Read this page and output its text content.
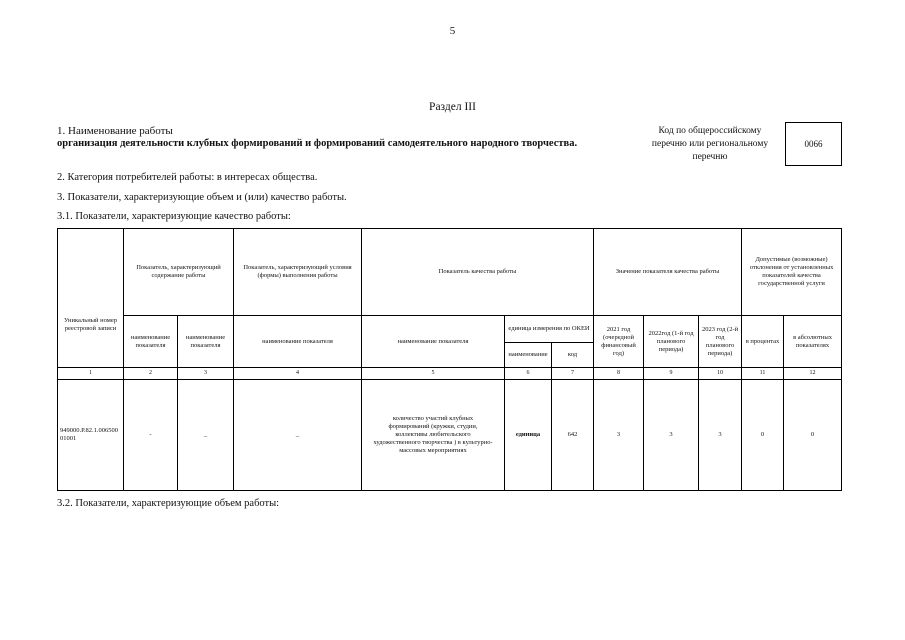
5
Раздел III
1. Наименование работы
организация деятельности клубных формирований и формирований самодеятельного народного творчества.
Код по общероссийскому перечню или региональному перечню
0066
2. Категория потребителей работы: в интересах общества.
3. Показатели, характеризующие объем и (или) качество работы.
3.1. Показатели, характеризующие качество работы:
Уникальный номер реестровой записи	Показатель, характеризующий содержание работы		Показатель, характеризующий условия (формы) выполнения работы	Показатель качества работы			Значение показателя качества работы			Допустимые (возможные) отклонения от установленных показателей качества государственной услуги	
	наименование показателя	наименование показателя	наименование показателя	наименование показателя	единица измерения по ОКЕИ		2021 год (очередной финансовый год)	2022год (1-й год планового периода)	2023 год (2-й год планового периода)	в процентах	в абсолютных показателях
					наименование	код					
1	2	3	4	5	6	7	8	9	10	11	12
949000.Р.82.1.00650001001	-	_	_	количество участий клубных формирований (кружки, студии, коллективы любительского художественного творчества ) в культурно-массовых мероприятиях	единица	642	3	3	3	0	0
3.2. Показатели, характеризующие объем работы:
